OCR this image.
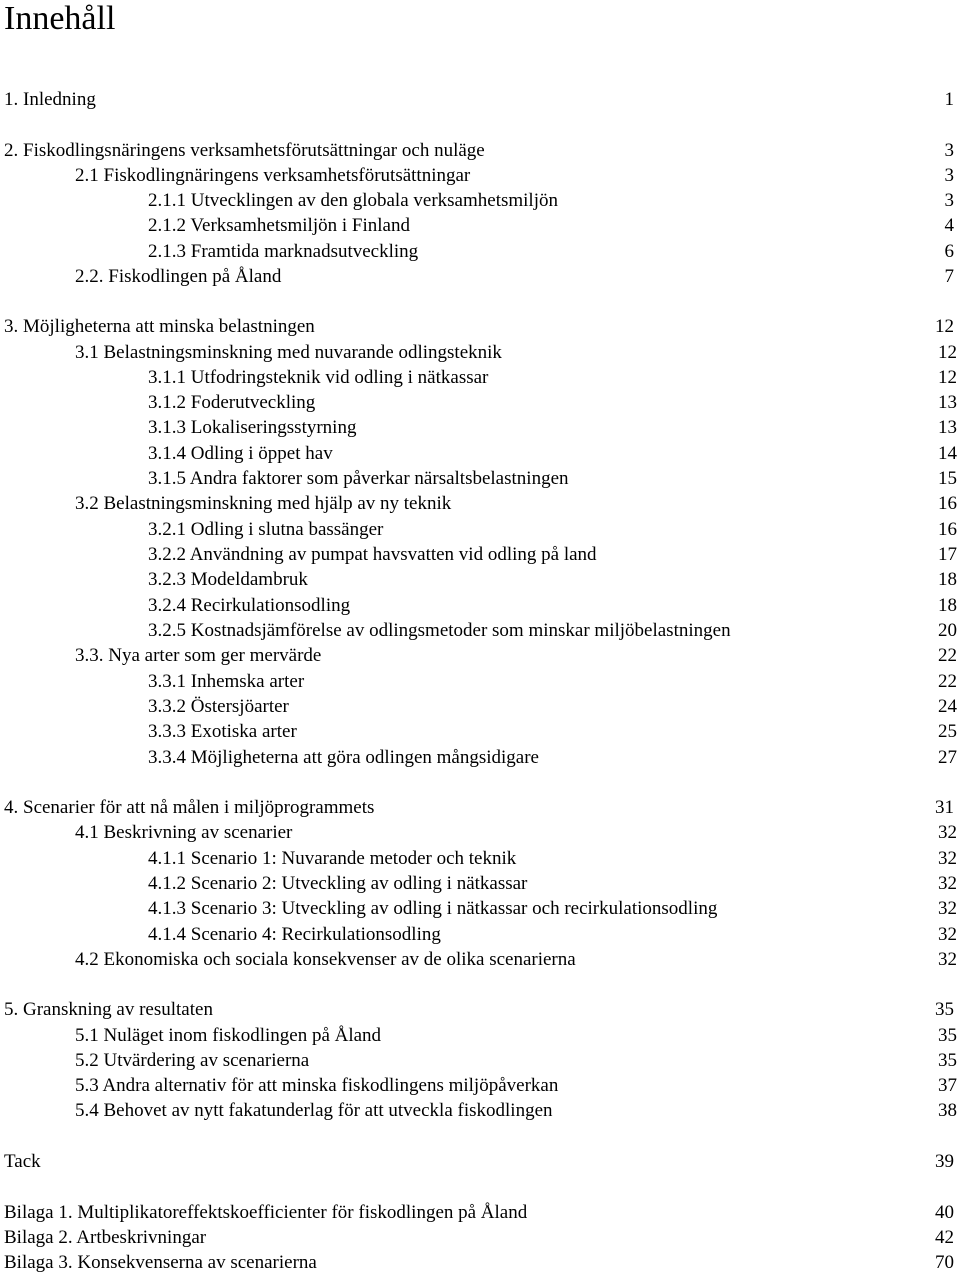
Innehåll
1. Inledning	1
2. Fiskodlingsnäringens verksamhetsförutsättningar och nuläge	3
2.1 Fiskodlingnäringens verksamhetsförutsättningar	3
2.1.1 Utvecklingen av den globala verksamhetsmiljön	3
2.1.2 Verksamhetsmiljön i Finland	4
2.1.3 Framtida marknadsutveckling	6
2.2. Fiskodlingen på Åland	7
3. Möjligheterna att minska belastningen	12
3.1 Belastningsminskning med nuvarande odlingsteknik	12
3.1.1 Utfodringsteknik vid odling i nätkassar	12
3.1.2 Foderutveckling	13
3.1.3 Lokaliseringsstyrning	13
3.1.4 Odling i öppet hav	14
3.1.5 Andra faktorer som påverkar närsaltsbelastningen	15
3.2 Belastningsminskning med hjälp av ny teknik	16
3.2.1 Odling i slutna bassänger	16
3.2.2 Användning av pumpat havsvatten vid odling på land	17
3.2.3 Modeldambruk	18
3.2.4 Recirkulationsodling	18
3.2.5 Kostnadsjämförelse av odlingsmetoder som minskar miljöbelastningen	20
3.3. Nya arter som ger mervärde	22
3.3.1 Inhemska arter	22
3.3.2 Östersjöarter	24
3.3.3 Exotiska arter	25
3.3.4 Möjligheterna att göra odlingen mångsidigare	27
4. Scenarier för att nå målen i miljöprogrammets	31
4.1 Beskrivning av scenarier	32
4.1.1 Scenario 1: Nuvarande metoder och teknik	32
4.1.2 Scenario 2: Utveckling av odling i nätkassar	32
4.1.3 Scenario 3: Utveckling av odling i nätkassar och recirkulationsodling	32
4.1.4 Scenario 4: Recirkulationsodling	32
4.2 Ekonomiska och sociala konsekvenser av de olika scenarierna	32
5. Granskning av resultaten	35
5.1 Nuläget inom fiskodlingen på Åland	35
5.2 Utvärdering av scenarierna	35
5.3 Andra alternativ för att minska fiskodlingens miljöpåverkan	37
5.4 Behovet av nytt fakatunderlag för att utveckla fiskodlingen	38
Tack	39
Bilaga 1. Multiplikatoreffektskoefficienter för fiskodlingen på Åland	40
Bilaga 2. Artbeskrivningar	42
Bilaga 3. Konsekvenserna av scenarierna	70
